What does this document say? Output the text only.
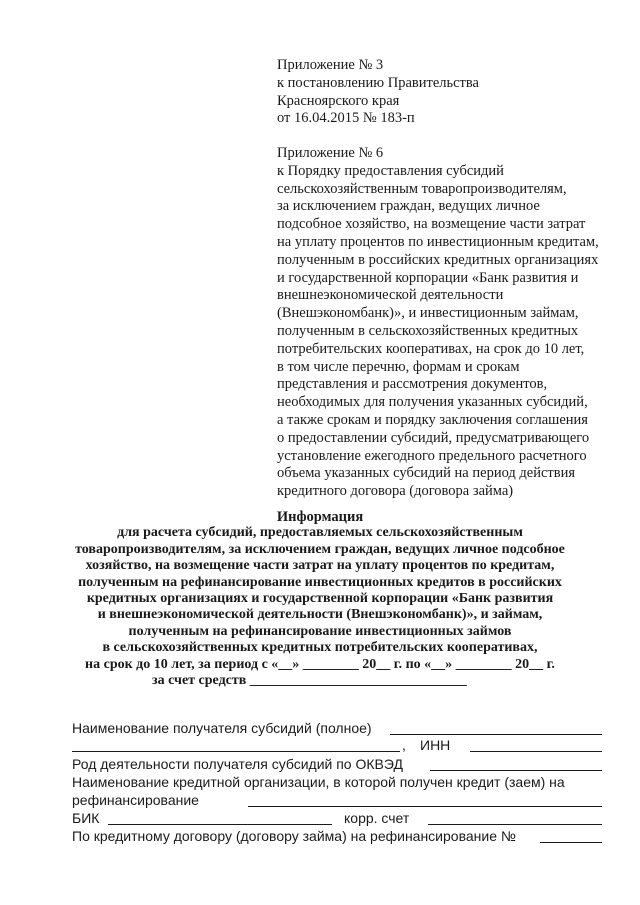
Приложение № 3
к постановлению Правительства
Красноярского края
от 16.04.2015 № 183-п
Приложение № 6
к Порядку предоставления субсидий
сельскохозяйственным товаропроизводителям,
за исключением граждан, ведущих личное
подсобное хозяйство, на возмещение части затрат
на уплату процентов по инвестиционным кредитам,
полученным в российских кредитных организациях
и государственной корпорации «Банк развития и
внешнеэкономической деятельности
(Внешэкономбанк)», и инвестиционным займам,
полученным в сельскохозяйственных кредитных
потребительских кооперативах, на срок до 10 лет,
в том числе перечню, формам и срокам
представления и рассмотрения документов,
необходимых для получения указанных субсидий,
а также срокам и порядку заключения соглашения
о предоставлении субсидий, предусматривающего
установление ежегодного предельного расчетного
объема указанных субсидий на период действия
кредитного договора (договора займа)
Информация
для расчета субсидий, предоставляемых сельскохозяйственным
товаропроизводителям, за исключением граждан, ведущих личное подсобное
хозяйство, на возмещение части затрат на уплату процентов по кредитам,
полученным на рефинансирование инвестиционных кредитов в российских
кредитных организациях и государственной корпорации «Банк развития
и внешнеэкономической деятельности (Внешэкономбанк)», и займам,
полученным на рефинансирование инвестиционных займов
в сельскохозяйственных кредитных потребительских кооперативах,
на срок до 10 лет, за период с «__» ________ 20__ г. по «__» ________ 20__ г.
за счет средств _______________________________
Наименование получателя субсидий (полное)
, ИНН
Род деятельности получателя субсидий по ОКВЭД
Наименование кредитной организации, в которой получен кредит (заем) на
рефинансирование
БИК	корр. счет
По кредитному договору (договору займа) на рефинансирование №
